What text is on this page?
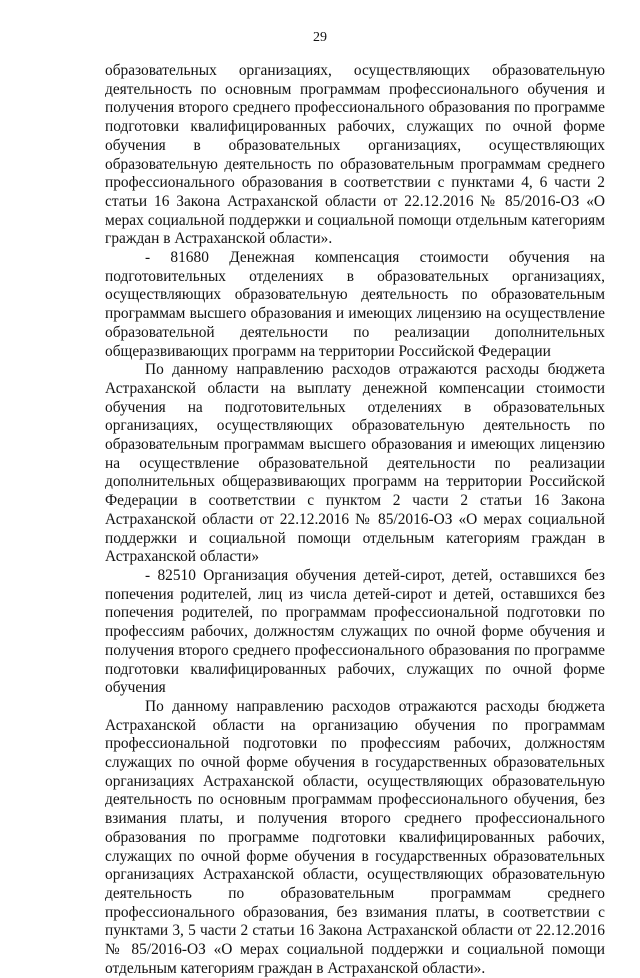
29

образовательных организациях, осуществляющих образовательную деятельность по основным программам профессионального обучения и получения второго среднего профессионального образования по программе подготовки квалифицированных рабочих, служащих по очной форме обучения в образовательных организациях, осуществляющих образовательную деятельность по образовательным программам среднего профессионального образования в соответствии с пунктами 4, 6 части 2 статьи 16 Закона Астраханской области от 22.12.2016 № 85/2016-ОЗ «О мерах социальной поддержки и социальной помощи отдельным категориям граждан в Астраханской области».

- 81680 Денежная компенсация стоимости обучения на подготовительных отделениях в образовательных организациях, осуществляющих образовательную деятельность по образовательным программам высшего образования и имеющих лицензию на осуществление образовательной деятельности по реализации дополнительных общеразвивающих программ на территории Российской Федерации

По данному направлению расходов отражаются расходы бюджета Астраханской области на выплату денежной компенсации стоимости обучения на подготовительных отделениях в образовательных организациях, осуществляющих образовательную деятельность по образовательным программам высшего образования и имеющих лицензию на осуществление образовательной деятельности по реализации дополнительных общеразвивающих программ на территории Российской Федерации в соответствии с пунктом 2 части 2 статьи 16 Закона Астраханской области от 22.12.2016 № 85/2016-ОЗ «О мерах социальной поддержки и социальной помощи отдельным категориям граждан в Астраханской области»

- 82510 Организация обучения детей-сирот, детей, оставшихся без попечения родителей, лиц из числа детей-сирот и детей, оставшихся без попечения родителей, по программам профессиональной подготовки по профессиям рабочих, должностям служащих по очной форме обучения и получения второго среднего профессионального образования по программе подготовки квалифицированных рабочих, служащих по очной форме обучения

По данному направлению расходов отражаются расходы бюджета Астраханской области на организацию обучения по программам профессиональной подготовки по профессиям рабочих, должностям служащих по очной форме обучения в государственных образовательных организациях Астраханской области, осуществляющих образовательную деятельность по основным программам профессионального обучения, без взимания платы, и получения второго среднего профессионального образования по программе подготовки квалифицированных рабочих, служащих по очной форме обучения в государственных образовательных организациях Астраханской области, осуществляющих образовательную деятельность по образовательным программам среднего профессионального образования, без взимания платы, в соответствии с пунктами 3, 5 части 2 статьи 16 Закона Астраханской области от 22.12.2016 № 85/2016-ОЗ «О мерах социальной поддержки и социальной помощи отдельным категориям граждан в Астраханской области».
